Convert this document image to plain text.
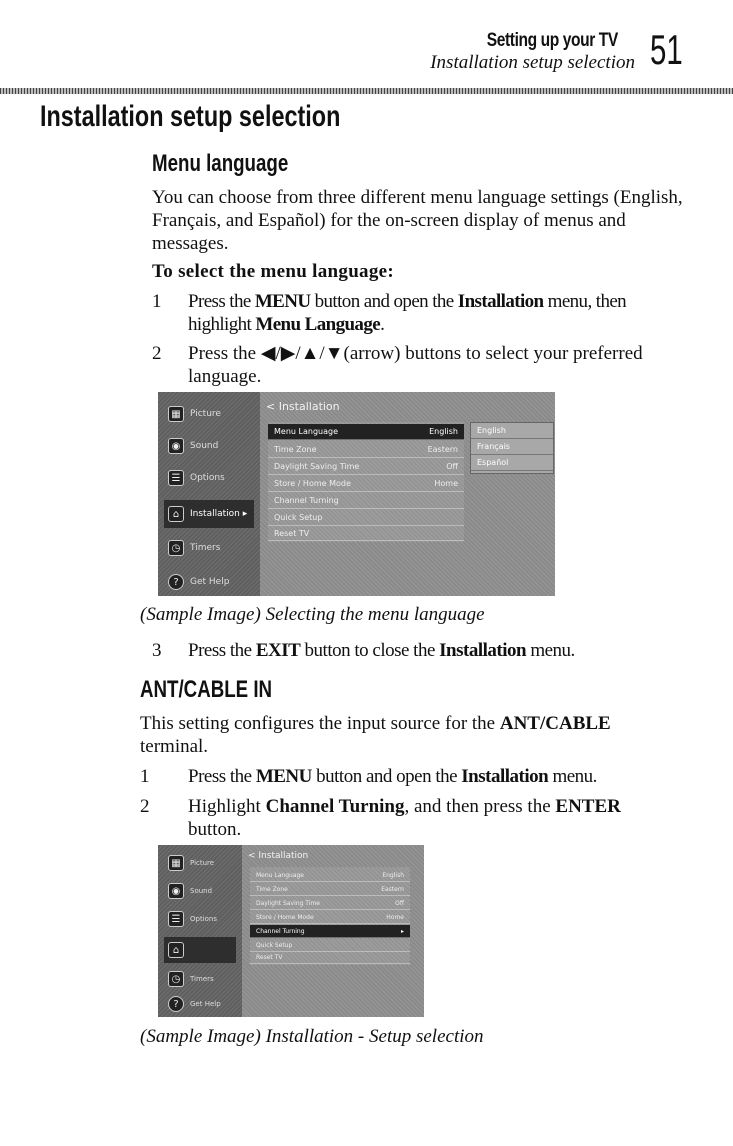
Setting up your TV
Installation setup selection 51
Installation setup selection
Menu language
You can choose from three different menu language settings (English, Français, and Español) for the on-screen display of menus and messages.
To select the menu language:
1 Press the MENU button and open the Installation menu, then highlight Menu Language.
2 Press the ◀/▶/▲/▼(arrow) buttons to select your preferred language.
▦	Picture
◉	Sound
☰	Options
⌂	Installation ▸
◷	Timers
?	Get Help
< Installation
Menu Language	English
Time Zone	Eastern
Daylight Saving Time	Off
Store / Home Mode	Home
Channel Turning
Quick Setup
Reset TV
English
Français
Español
(Sample Image) Selecting the menu language
3 Press the EXIT button to close the Installation menu.
ANT/CABLE IN
This setting configures the input source for the ANT/CABLE terminal.
1 Press the MENU button and open the Installation menu.
2 Highlight Channel Turning, and then press the ENTER button.
▦	Picture
◉	Sound
☰	Options
⌂
◷	Timers
?	Get Help
< Installation
Menu Language	English
Time Zone	Eastern
Daylight Saving Time	Off
Store / Home Mode	Home
Channel Turning	▸
Quick Setup
Reset TV
(Sample Image) Installation - Setup selection
